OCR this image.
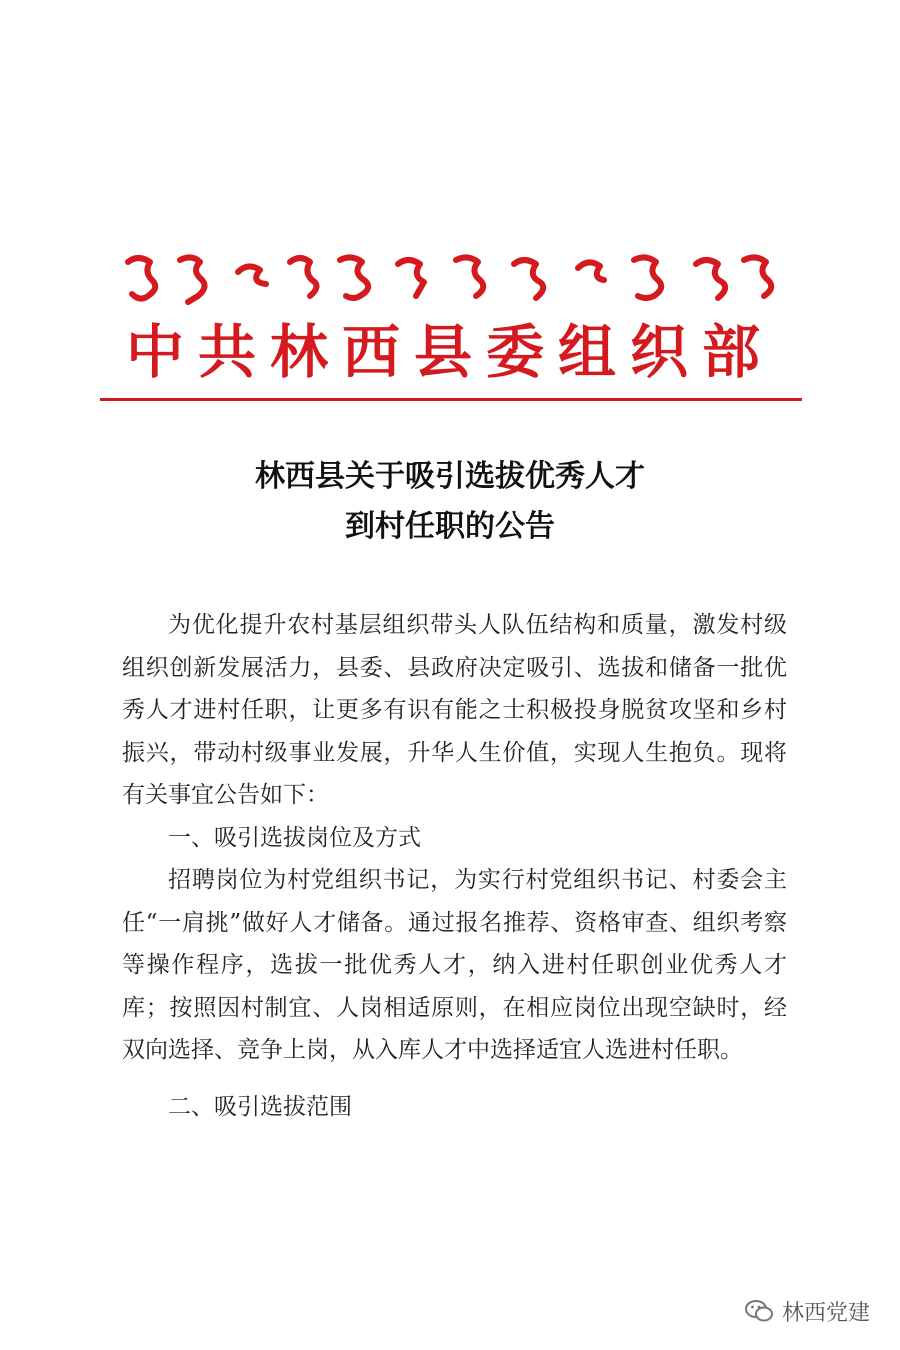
中共林西县委组织部
林西县关于吸引选拔优秀人才
到村任职的公告

为优化提升农村基层组织带头人队伍结构和质量，激发村级组织创新发展活力，县委、县政府决定吸引、选拔和储备一批优秀人才进村任职，让更多有识有能之士积极投身脱贫攻坚和乡村振兴，带动村级事业发展，升华人生价值，实现人生抱负。现将有关事宜公告如下：

一、吸引选拔岗位及方式

招聘岗位为村党组织书记，为实行村党组织书记、村委会主任“一肩挑”做好人才储备。通过报名推荐、资格审查、组织考察等操作程序，选拔一批优秀人才，纳入进村任职创业优秀人才库；按照因村制宜、人岗相适原则，在相应岗位出现空缺时，经双向选择、竞争上岗，从入库人才中选择适宜人选进村任职。

二、吸引选拔范围
林西党建
